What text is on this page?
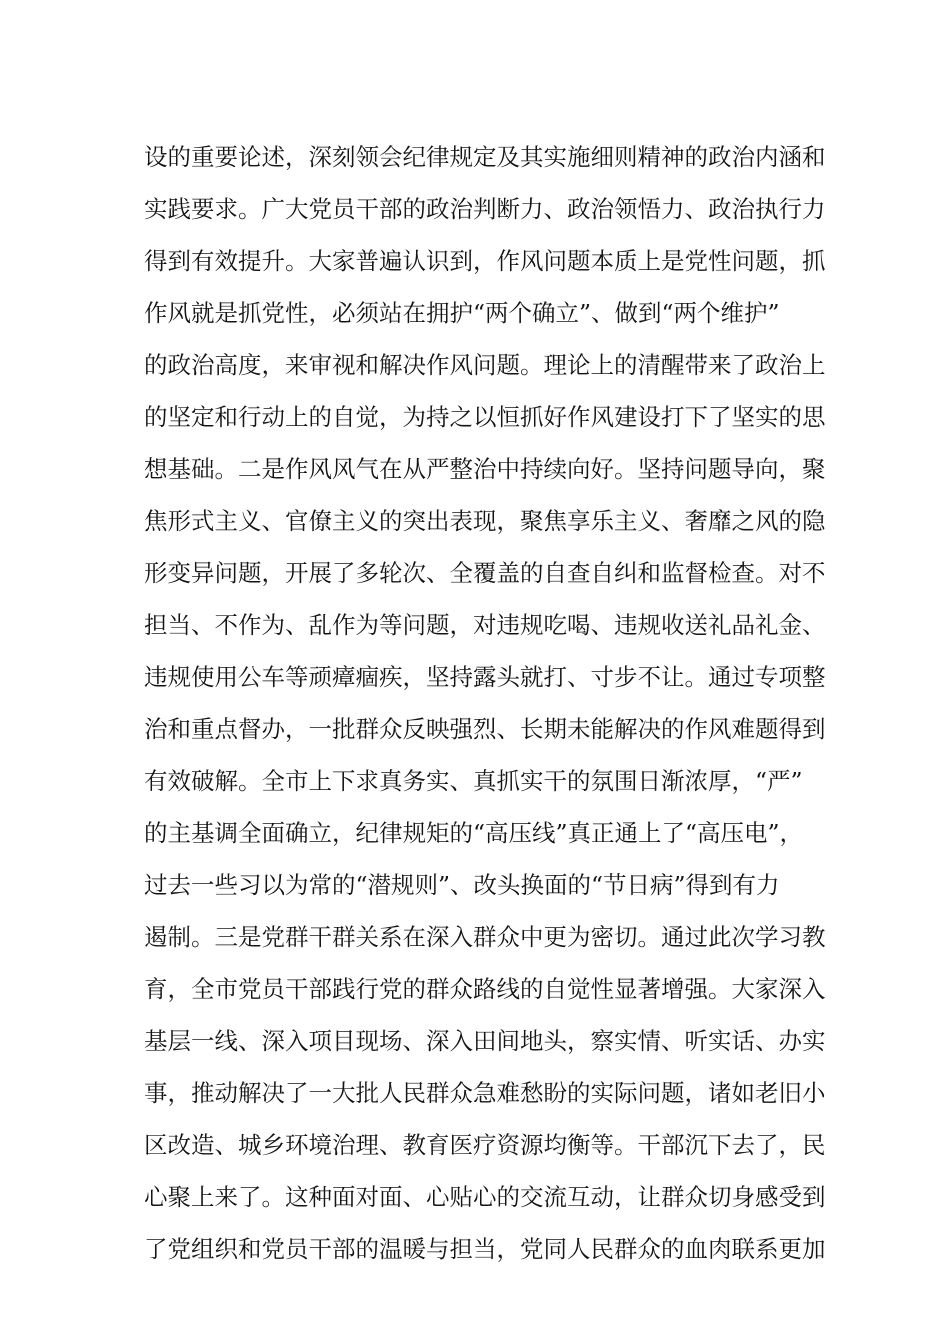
设的重要论述，深刻领会纪律规定及其实施细则精神的政治内涵和
实践要求。广大党员干部的政治判断力、政治领悟力、政治执行力
得到有效提升。大家普遍认识到，作风问题本质上是党性问题，抓
作风就是抓党性，必须站在拥护“两个确立”、做到“两个维护”
的政治高度，来审视和解决作风问题。理论上的清醒带来了政治上
的坚定和行动上的自觉，为持之以恒抓好作风建设打下了坚实的思
想基础。二是作风风气在从严整治中持续向好。坚持问题导向，聚
焦形式主义、官僚主义的突出表现，聚焦享乐主义、奢靡之风的隐
形变异问题，开展了多轮次、全覆盖的自查自纠和监督检查。对不
担当、不作为、乱作为等问题，对违规吃喝、违规收送礼品礼金、
违规使用公车等顽瘴痼疾，坚持露头就打、寸步不让。通过专项整
治和重点督办，一批群众反映强烈、长期未能解决的作风难题得到
有效破解。全市上下求真务实、真抓实干的氛围日渐浓厚，“严”
的主基调全面确立，纪律规矩的“高压线”真正通上了“高压电”，
过去一些习以为常的“潜规则”、改头换面的“节日病”得到有力
遏制。三是党群干群关系在深入群众中更为密切。通过此次学习教
育，全市党员干部践行党的群众路线的自觉性显著增强。大家深入
基层一线、深入项目现场、深入田间地头，察实情、听实话、办实
事，推动解决了一大批人民群众急难愁盼的实际问题，诸如老旧小
区改造、城乡环境治理、教育医疗资源均衡等。干部沉下去了，民
心聚上来了。这种面对面、心贴心的交流互动，让群众切身感受到
了党组织和党员干部的温暖与担当，党同人民群众的血肉联系更加
